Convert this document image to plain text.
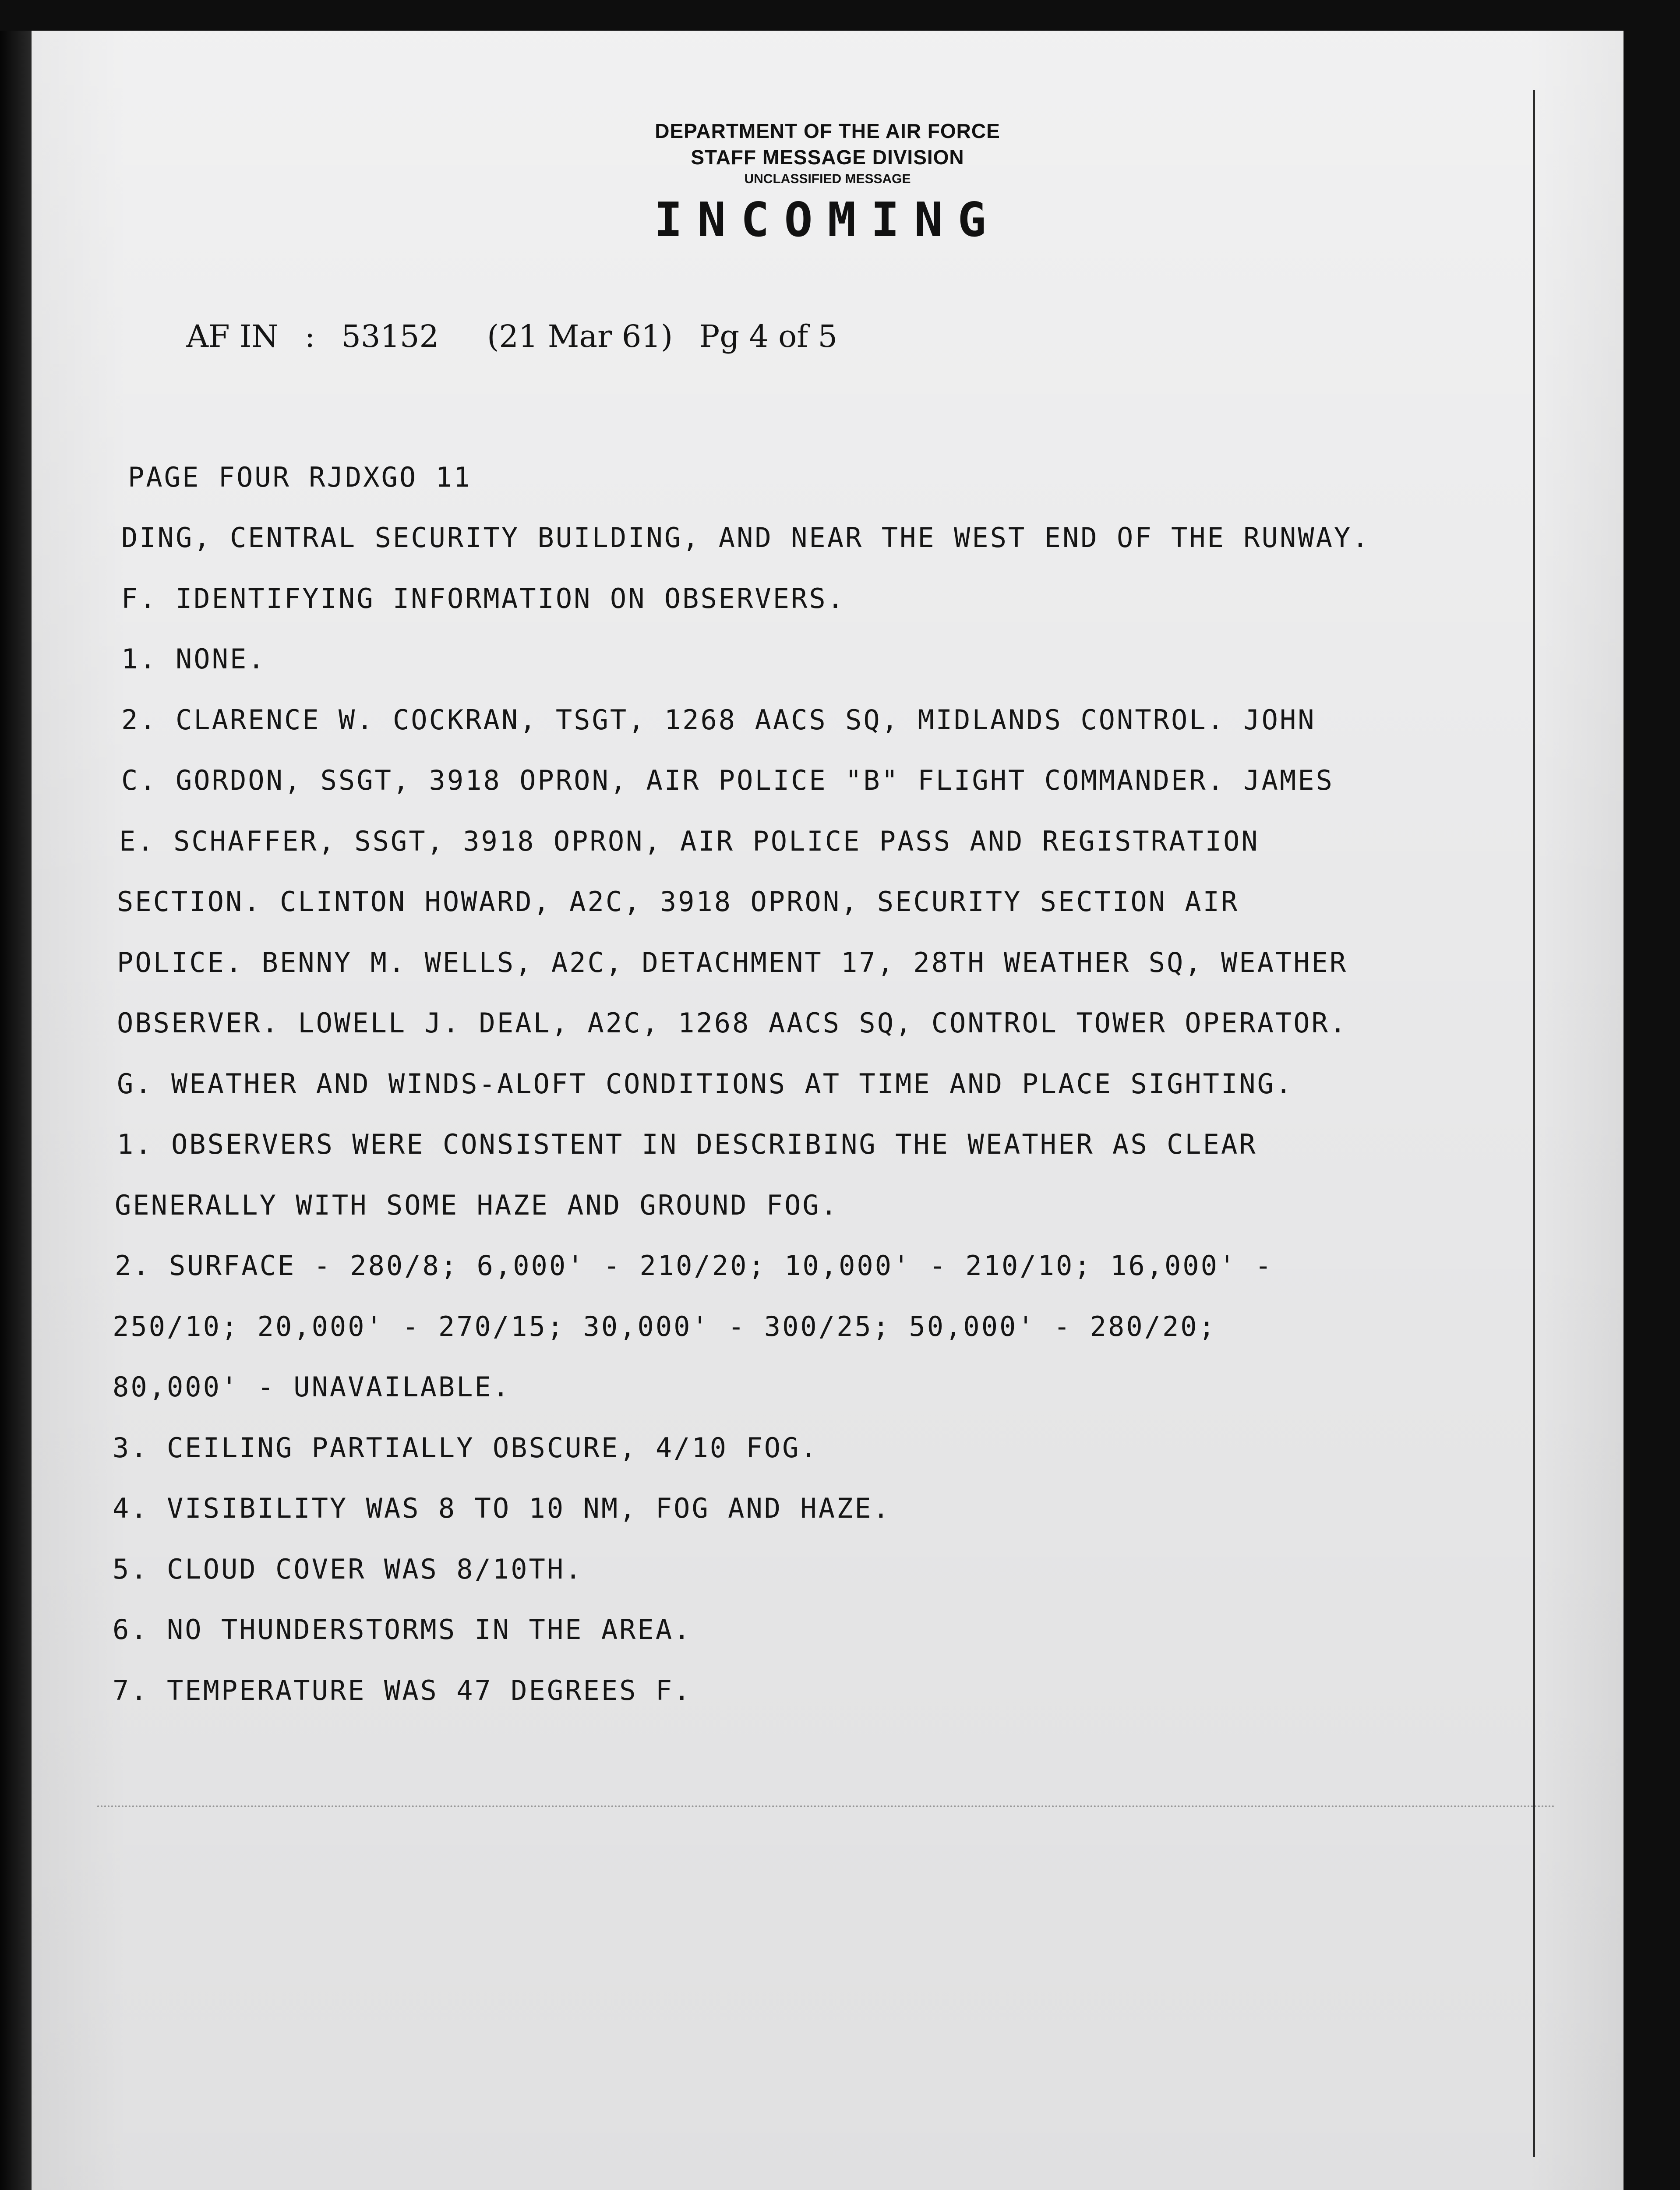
DEPARTMENT OF THE AIR FORCE
STAFF MESSAGE DIVISION
UNCLASSIFIED MESSAGE
INCOMING

AF IN : 53152 (21 Mar 61) Pg 4 of 5

PAGE FOUR RJDXGO 11
DING, CENTRAL SECURITY BUILDING, AND NEAR THE WEST END OF THE RUNWAY.
F. IDENTIFYING INFORMATION ON OBSERVERS.
1. NONE.
2. CLARENCE W. COCKRAN, TSGT, 1268 AACS SQ, MIDLANDS CONTROL. JOHN
C. GORDON, SSGT, 3918 OPRON, AIR POLICE "B" FLIGHT COMMANDER. JAMES
E. SCHAFFER, SSGT, 3918 OPRON, AIR POLICE PASS AND REGISTRATION
SECTION. CLINTON HOWARD, A2C, 3918 OPRON, SECURITY SECTION AIR
POLICE. BENNY M. WELLS, A2C, DETACHMENT 17, 28TH WEATHER SQ, WEATHER
OBSERVER. LOWELL J. DEAL, A2C, 1268 AACS SQ, CONTROL TOWER OPERATOR.
G. WEATHER AND WINDS-ALOFT CONDITIONS AT TIME AND PLACE SIGHTING.
1. OBSERVERS WERE CONSISTENT IN DESCRIBING THE WEATHER AS CLEAR
GENERALLY WITH SOME HAZE AND GROUND FOG.
2. SURFACE - 280/8; 6,000' - 210/20; 10,000' - 210/10; 16,000' -
250/10; 20,000' - 270/15; 30,000' - 300/25; 50,000' - 280/20;
80,000' - UNAVAILABLE.
3. CEILING PARTIALLY OBSCURE, 4/10 FOG.
4. VISIBILITY WAS 8 TO 10 NM, FOG AND HAZE.
5. CLOUD COVER WAS 8/10TH.
6. NO THUNDERSTORMS IN THE AREA.
7. TEMPERATURE WAS 47 DEGREES F.
